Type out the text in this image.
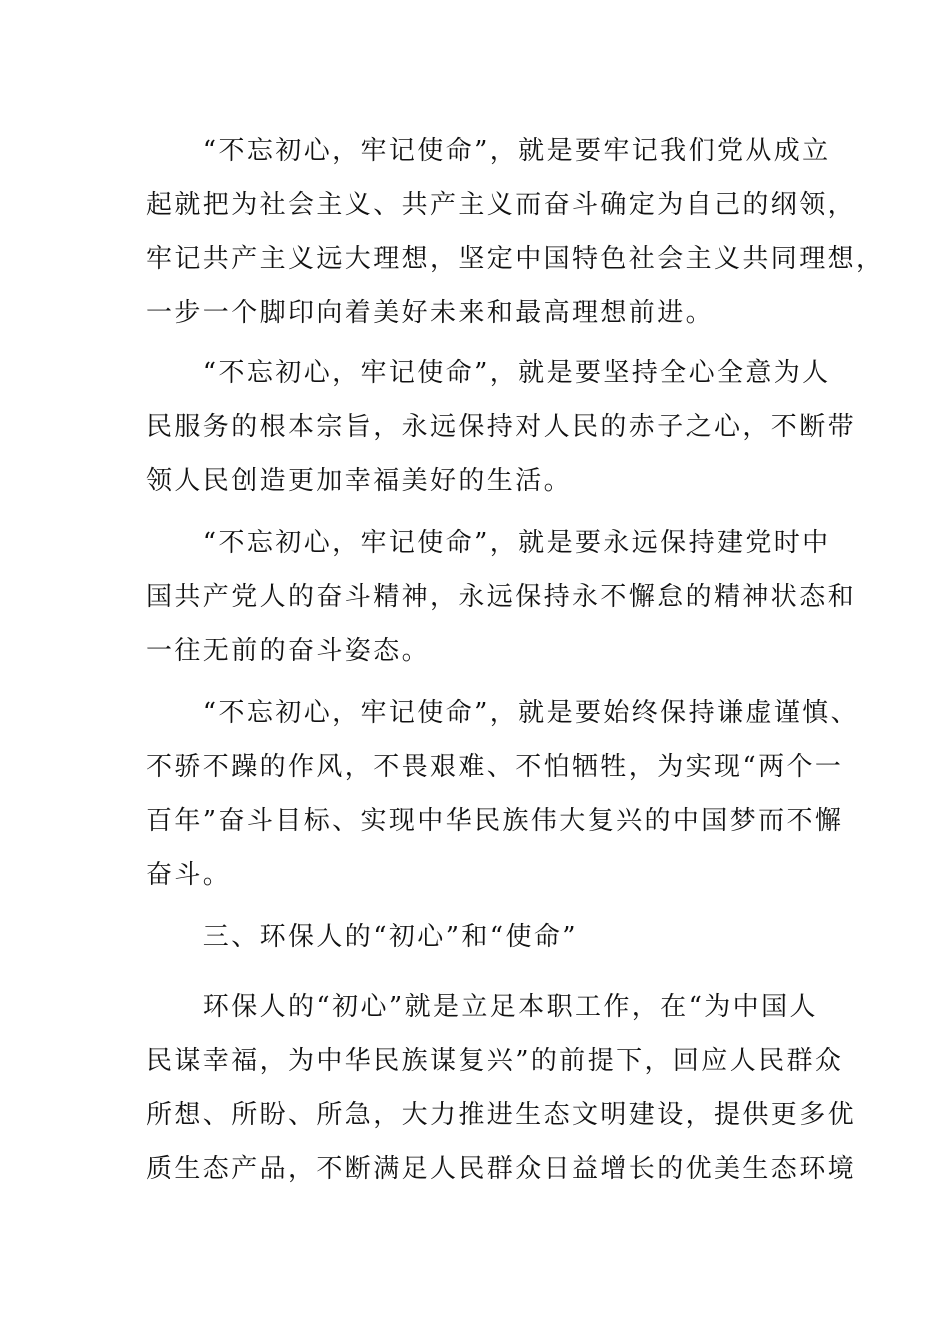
　　“不忘初心，牢记使命”，就是要牢记我们党从成立
起就把为社会主义、共产主义而奋斗确定为自己的纲领，
牢记共产主义远大理想，坚定中国特色社会主义共同理想，
一步一个脚印向着美好未来和最高理想前进。

　　“不忘初心，牢记使命”，就是要坚持全心全意为人
民服务的根本宗旨，永远保持对人民的赤子之心，不断带
领人民创造更加幸福美好的生活。

　　“不忘初心，牢记使命”，就是要永远保持建党时中
国共产党人的奋斗精神，永远保持永不懈怠的精神状态和
一往无前的奋斗姿态。

　　“不忘初心，牢记使命”，就是要始终保持谦虚谨慎、
不骄不躁的作风，不畏艰难、不怕牺牲，为实现“两个一
百年”奋斗目标、实现中华民族伟大复兴的中国梦而不懈
奋斗。

　　三、环保人的“初心”和“使命”

　　环保人的“初心”就是立足本职工作，在“为中国人
民谋幸福，为中华民族谋复兴”的前提下，回应人民群众
所想、所盼、所急，大力推进生态文明建设，提供更多优
质生态产品，不断满足人民群众日益增长的优美生态环境
